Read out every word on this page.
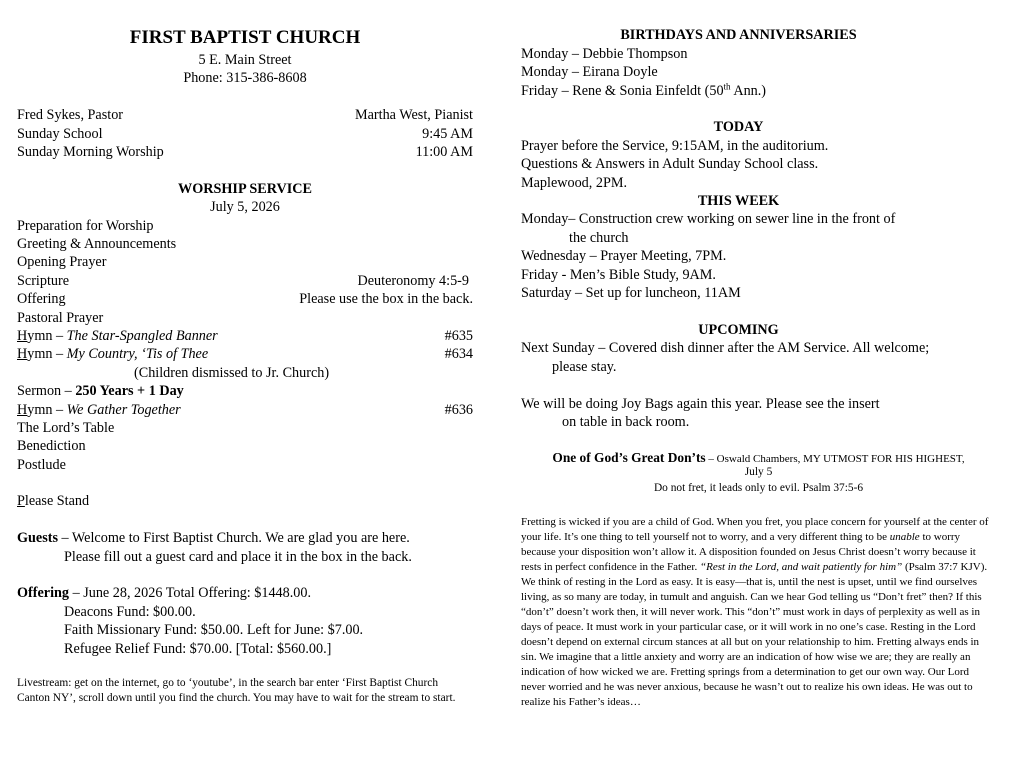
FIRST BAPTIST CHURCH
5 E. Main Street
Phone: 315-386-8608
Fred Sykes, Pastor	Martha West, Pianist
Sunday School	9:45 AM
Sunday Morning Worship	11:00 AM
WORSHIP SERVICE
July 5, 2026
Preparation for Worship
Greeting & Announcements
Opening Prayer
Scripture	Deuteronomy 4:5-9
Offering	Please use the box in the back.
Pastoral Prayer
Hymn – The Star-Spangled Banner	#635
Hymn – My Country, ‘Tis of Thee	#634
(Children dismissed to Jr. Church)
Sermon – 250 Years + 1 Day
Hymn – We Gather Together	#636
The Lord’s Table
Benediction
Postlude
Please Stand
Guests – Welcome to First Baptist Church. We are glad you are here.
Please fill out a guest card and place it in the box in the back.
Offering – June 28, 2026 Total Offering: $1448.00.
Deacons Fund: $00.00.
Faith Missionary Fund: $50.00. Left for June: $7.00.
Refugee Relief Fund: $70.00. [Total: $560.00.]
Livestream: get on the internet, go to ‘youtube’, in the search bar enter ‘First Baptist Church Canton NY’, scroll down until you find the church. You may have to wait for the stream to start.
BIRTHDAYS AND ANNIVERSARIES
Monday – Debbie Thompson
Monday – Eirana Doyle
Friday – Rene & Sonia Einfeldt (50th Ann.)
TODAY
Prayer before the Service, 9:15AM, in the auditorium.
Questions & Answers in Adult Sunday School class.
Maplewood, 2PM.
THIS WEEK
Monday– Construction crew working on sewer line in the front of
the church
Wednesday – Prayer Meeting, 7PM.
Friday - Men’s Bible Study, 9AM.
Saturday – Set up for luncheon, 11AM
UPCOMING
Next Sunday – Covered dish dinner after the AM Service. All welcome;
please stay.
We will be doing Joy Bags again this year. Please see the insert
on table in back room.
One of God’s Great Don’ts – Oswald Chambers, MY UTMOST FOR HIS HIGHEST,
July 5
Do not fret, it leads only to evil. Psalm 37:5-6
Fretting is wicked if you are a child of God. When you fret, you place concern for yourself at the center of your life. It’s one thing to tell yourself not to worry, and a very different thing to be unable to worry because your disposition won’t allow it. A disposition founded on Jesus Christ doesn’t worry because it rests in perfect confidence in the Father. “Rest in the Lord, and wait patiently for him” (Psalm 37:7 KJV). We think of resting in the Lord as easy. It is easy—that is, until the nest is upset, until we find ourselves living, as so many are today, in tumult and anguish. Can we hear God telling us “Don’t fret” then? If this “don’t” doesn’t work then, it will never work. This “don’t” must work in days of perplexity as well as in days of peace. It must work in your particular case, or it will work in no one’s case. Resting in the Lord doesn’t depend on external circum stances at all but on your relationship to him. Fretting always ends in sin. We imagine that a little anxiety and worry are an indication of how wise we are; they are really an indication of how wicked we are. Fretting springs from a determination to get our own way. Our Lord never worried and he was never anxious, because he wasn’t out to realize his own ideas. He was out to realize his Father’s ideas…
